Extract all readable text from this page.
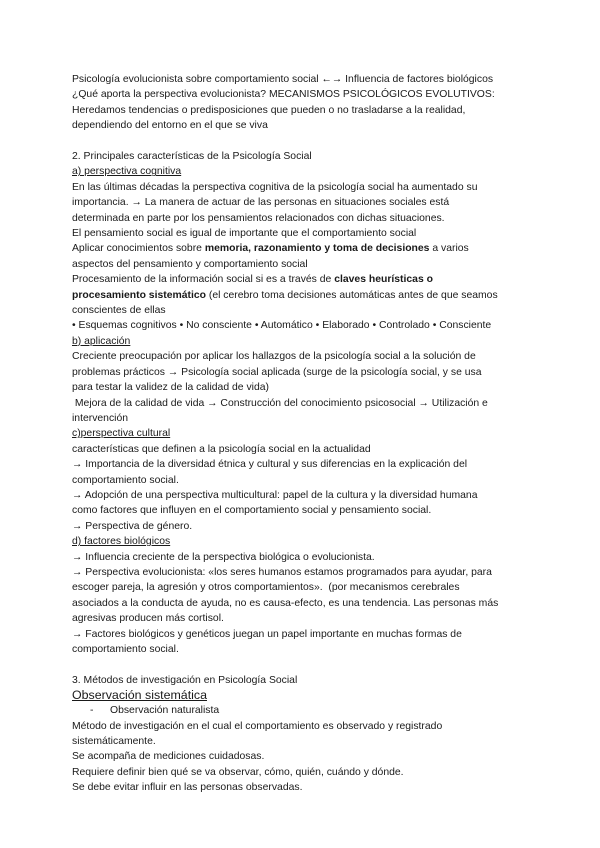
Psicología evolucionista sobre comportamiento social ←→ Influencia de factores biológicos
¿Qué aporta la perspectiva evolucionista? MECANISMOS PSICOLÓGICOS EVOLUTIVOS:
Heredamos tendencias o predisposiciones que pueden o no trasladarse a la realidad,
dependiendo del entorno en el que se viva
2. Principales características de la Psicología Social
a) perspectiva cognitiva
En las últimas décadas la perspectiva cognitiva de la psicología social ha aumentado su
importancia. → La manera de actuar de las personas en situaciones sociales está
determinada en parte por los pensamientos relacionados con dichas situaciones.
El pensamiento social es igual de importante que el comportamiento social
Aplicar conocimientos sobre memoria, razonamiento y toma de decisiones a varios
aspectos del pensamiento y comportamiento social
Procesamiento de la información social si es a través de claves heurísticas o
procesamiento sistemático (el cerebro toma decisiones automáticas antes de que seamos
conscientes de ellas
• Esquemas cognitivos • No consciente • Automático • Elaborado • Controlado • Consciente
b) aplicación
Creciente preocupación por aplicar los hallazgos de la psicología social a la solución de
problemas prácticos → Psicología social aplicada (surge de la psicología social, y se usa
para testar la validez de la calidad de vida)
Mejora de la calidad de vida → Construcción del conocimiento psicosocial → Utilización e
intervención
c)perspectiva cultural
características que definen a la psicología social en la actualidad
→ Importancia de la diversidad étnica y cultural y sus diferencias en la explicación del
comportamiento social.
→ Adopción de una perspectiva multicultural: papel de la cultura y la diversidad humana
como factores que influyen en el comportamiento social y pensamiento social.
→ Perspectiva de género.
d) factores biológicos
→ Influencia creciente de la perspectiva biológica o evolucionista.
→ Perspectiva evolucionista: «los seres humanos estamos programados para ayudar, para
escoger pareja, la agresión y otros comportamientos».  (por mecanismos cerebrales
asociados a la conducta de ayuda, no es causa-efecto, es una tendencia. Las personas más
agresivas producen más cortisol.
→ Factores biológicos y genéticos juegan un papel importante en muchas formas de
comportamiento social.
3. Métodos de investigación en Psicología Social
Observación sistemática
- Observación naturalista
Método de investigación en el cual el comportamiento es observado y registrado
sistemáticamente.
Se acompaña de mediciones cuidadosas.
Requiere definir bien qué se va observar, cómo, quién, cuándo y dónde.
Se debe evitar influir en las personas observadas.
